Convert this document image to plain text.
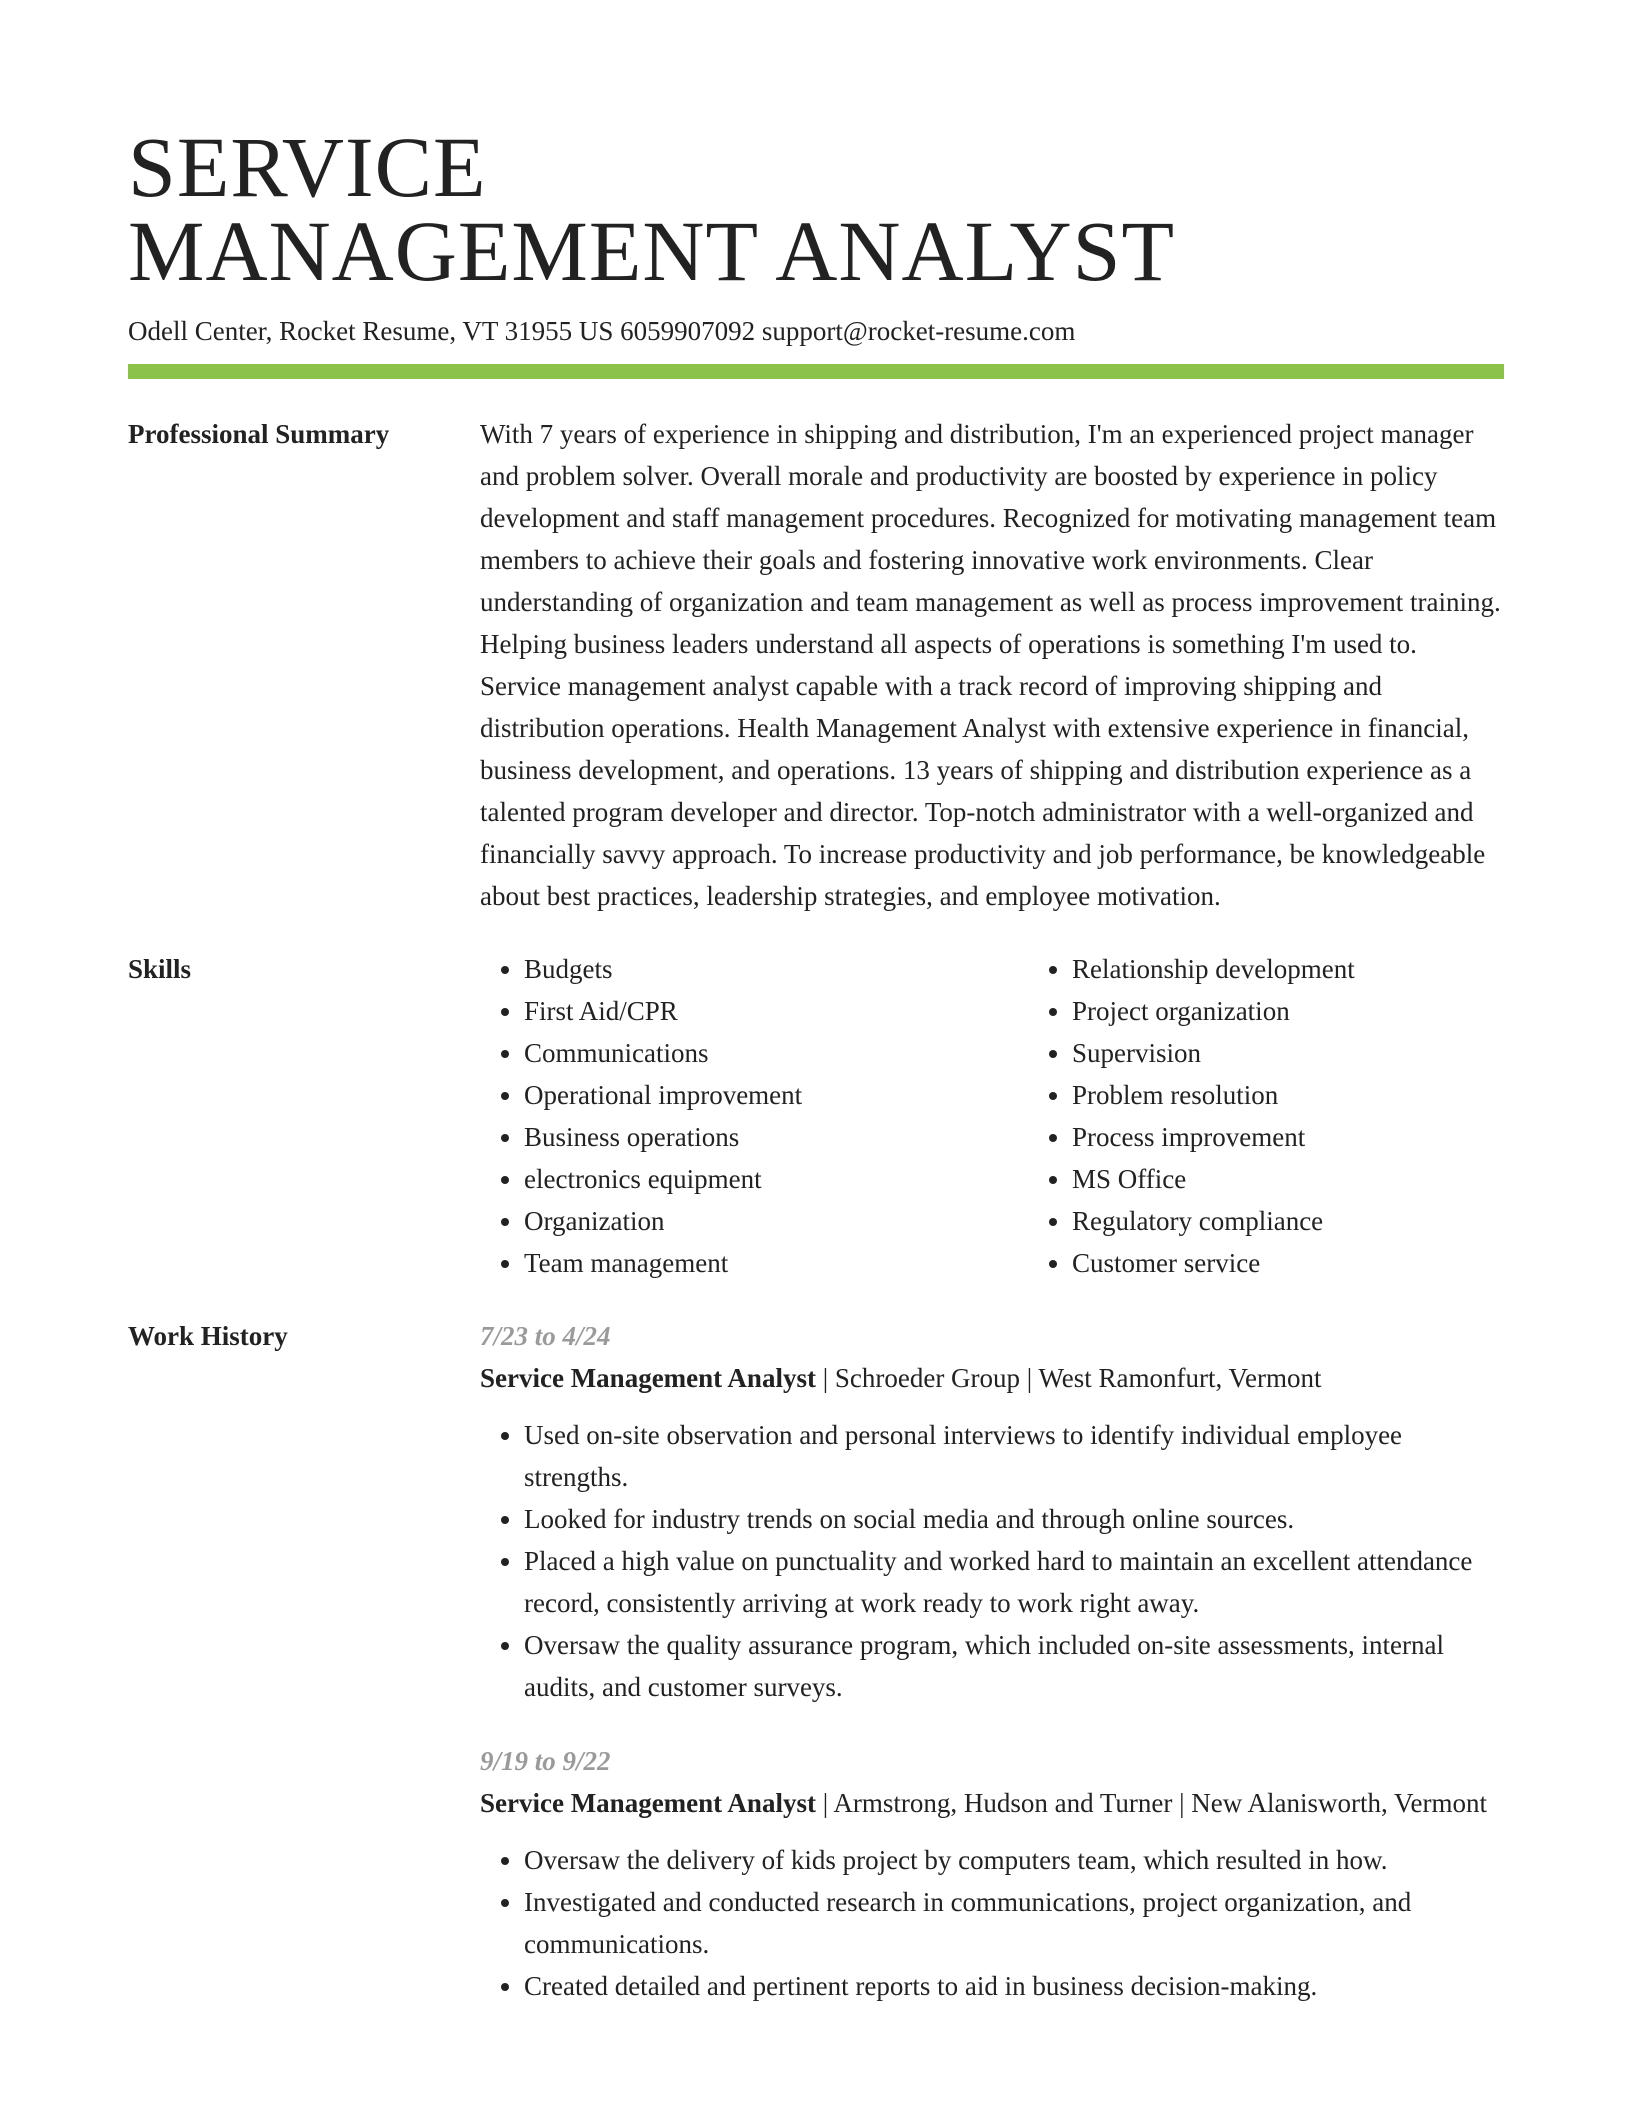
SERVICE
MANAGEMENT ANALYST
Odell Center, Rocket Resume, VT 31955 US 6059907092 support@rocket-resume.com
Professional Summary	With 7 years of experience in shipping and distribution, I'm an experienced project manager and problem solver. Overall morale and productivity are boosted by experience in policy development and staff management procedures. Recognized for motivating management team members to achieve their goals and fostering innovative work environments. Clear understanding of organization and team management as well as process improvement training. Helping business leaders understand all aspects of operations is something I'm used to. Service management analyst capable with a track record of improving shipping and distribution operations. Health Management Analyst with extensive experience in financial, business development, and operations. 13 years of shipping and distribution experience as a talented program developer and director. Top-notch administrator with a well-organized and financially savvy approach. To increase productivity and job performance, be knowledgeable about best practices, leadership strategies, and employee motivation.

Skills
•	Budgets
• First Aid/CPR
• Communications
• Operational improvement
• Business operations
• electronics equipment
• Organization
• Team management
• Relationship development
• Project organization
• Supervision
• Problem resolution
• Process improvement
• MS Office
• Regulatory compliance
• Customer service
Work History	7/23 to 4/24
Service Management Analyst | Schroeder Group | West Ramonfurt, Vermont
• Used on-site observation and personal interviews to identify individual employee strengths.
• Looked for industry trends on social media and through online sources.
• Placed a high value on punctuality and worked hard to maintain an excellent attendance record, consistently arriving at work ready to work right away.
• Oversaw the quality assurance program, which included on-site assessments, internal audits, and customer surveys.
9/19 to 9/22
Service Management Analyst | Armstrong, Hudson and Turner | New Alanisworth, Vermont
• Oversaw the delivery of kids project by computers team, which resulted in how.
• Investigated and conducted research in communications, project organization, and communications.
• Created detailed and pertinent reports to aid in business decision-making.
